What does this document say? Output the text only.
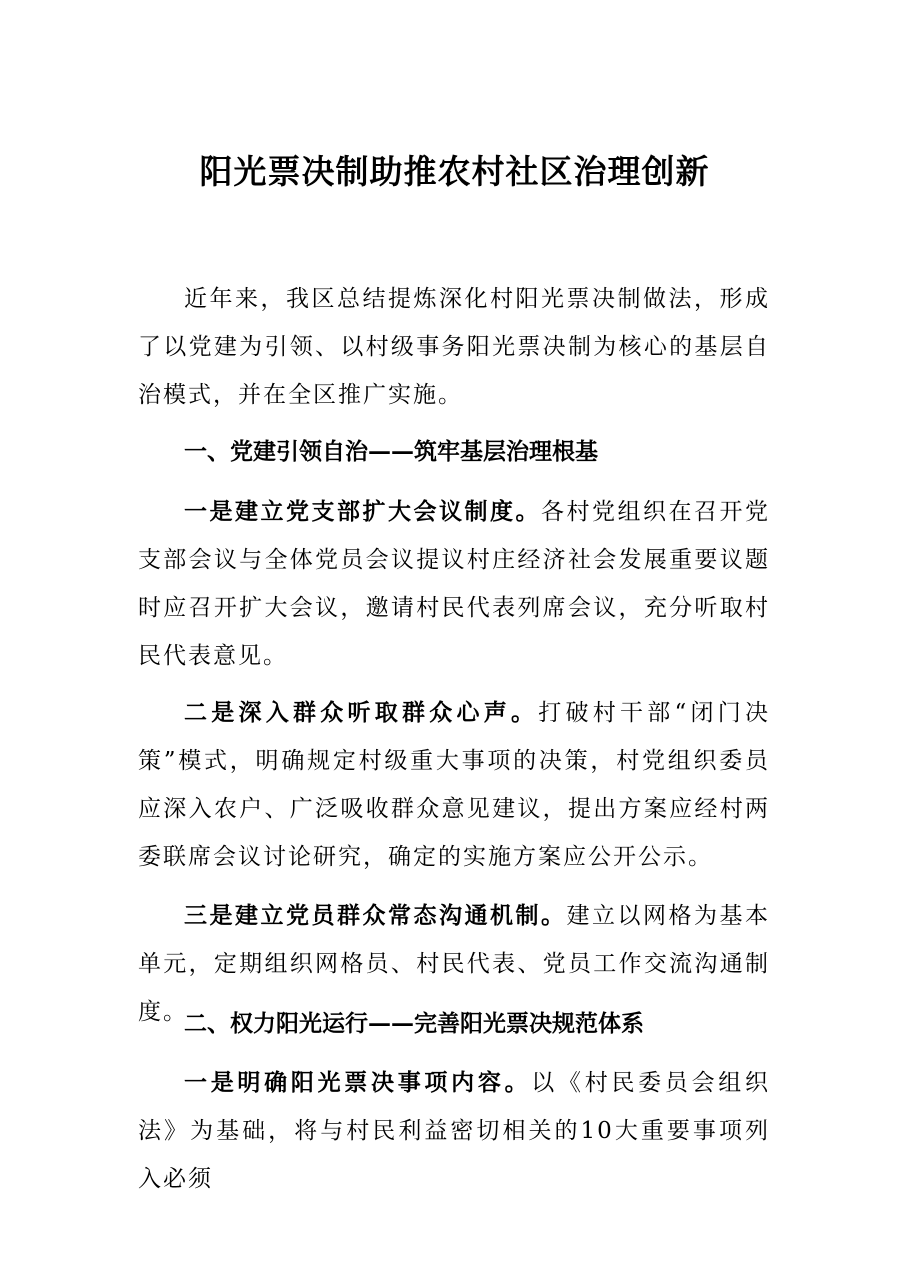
阳光票决制助推农村社区治理创新
近年来，我区总结提炼深化村阳光票决制做法，形成了以党建为引领、以村级事务阳光票决制为核心的基层自治模式，并在全区推广实施。
一、党建引领自治——筑牢基层治理根基
一是建立党支部扩大会议制度。各村党组织在召开党支部会议与全体党员会议提议村庄经济社会发展重要议题时应召开扩大会议，邀请村民代表列席会议，充分听取村民代表意见。
二是深入群众听取群众心声。打破村干部“闭门决策”模式，明确规定村级重大事项的决策，村党组织委员应深入农户、广泛吸收群众意见建议，提出方案应经村两委联席会议讨论研究，确定的实施方案应公开公示。
三是建立党员群众常态沟通机制。建立以网格为基本单元，定期组织网格员、村民代表、党员工作交流沟通制度。
二、权力阳光运行——完善阳光票决规范体系
一是明确阳光票决事项内容。以《村民委员会组织法》为基础，将与村民利益密切相关的10大重要事项列入必须
